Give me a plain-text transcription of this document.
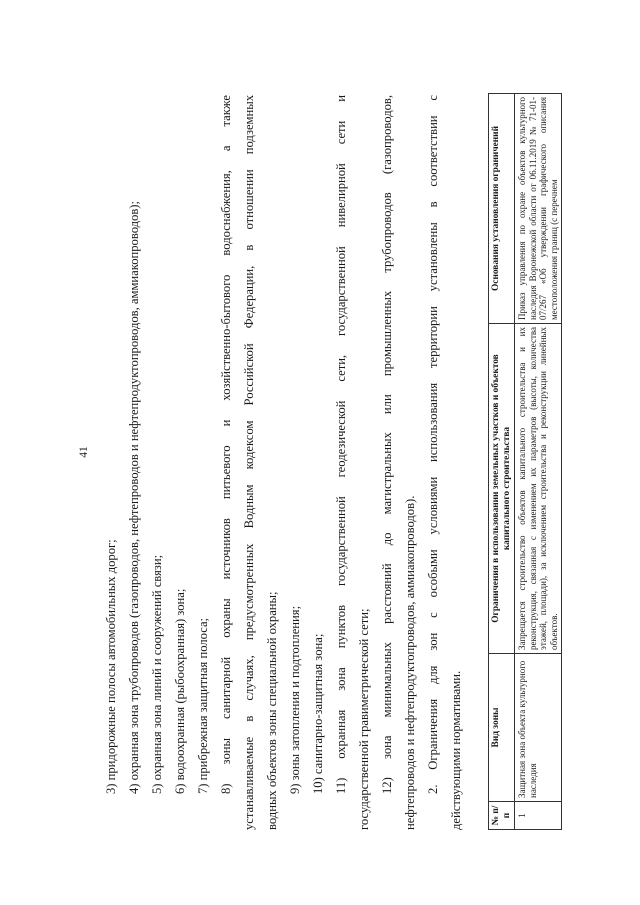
41
3) придорожные полосы автомобильных дорог; 4) охранная зона трубопроводов (газопроводов, нефтепроводов и нефтепродуктопроводов, аммиакопроводов); 5) охранная зона линий и сооружений связи; 6) водоохранная (рыбоохранная) зона; 7) прибрежная защитная полоса; 8) зоны санитарной охраны источников питьевого и хозяйственно-бытового водоснабжения, а также устанавливаемые в случаях, предусмотренных Водным кодексом Российской Федерации, в отношении подземных водных объектов зоны специальной охраны; 9) зоны затопления и подтопления; 10) санитарно-защитная зона; 11) охранная зона пунктов государственной геодезической сети, государственной нивелирной сети и государственной гравиметрической сети; 12) зона минимальных расстояний до магистральных или промышленных трубопроводов (газопроводов, нефтепроводов и нефтепродуктопроводов, аммиакопроводов). 2. Ограничения для зон с особыми условиями использования территории установлены в соответствии с действующими нормативами.	№ п/п	Вид зоны	Ограничения в использовании земельных участков и объектов капитального строительства	Основания установления ограничений
1	Защитная зона объекта культурного наследия	Запрещается строительство объектов капитального строительства и их реконструкция, связанная с изменением их параметров (высоты, количества этажей, площади), за исключением строительства и реконструкции линейных объектов.	Приказ управления по охране объектов культурного наследия Воронежской области от 06.11.2019 № 71-01-07/267 «Об утверждении графического описания местоположения границ (с перечнем
